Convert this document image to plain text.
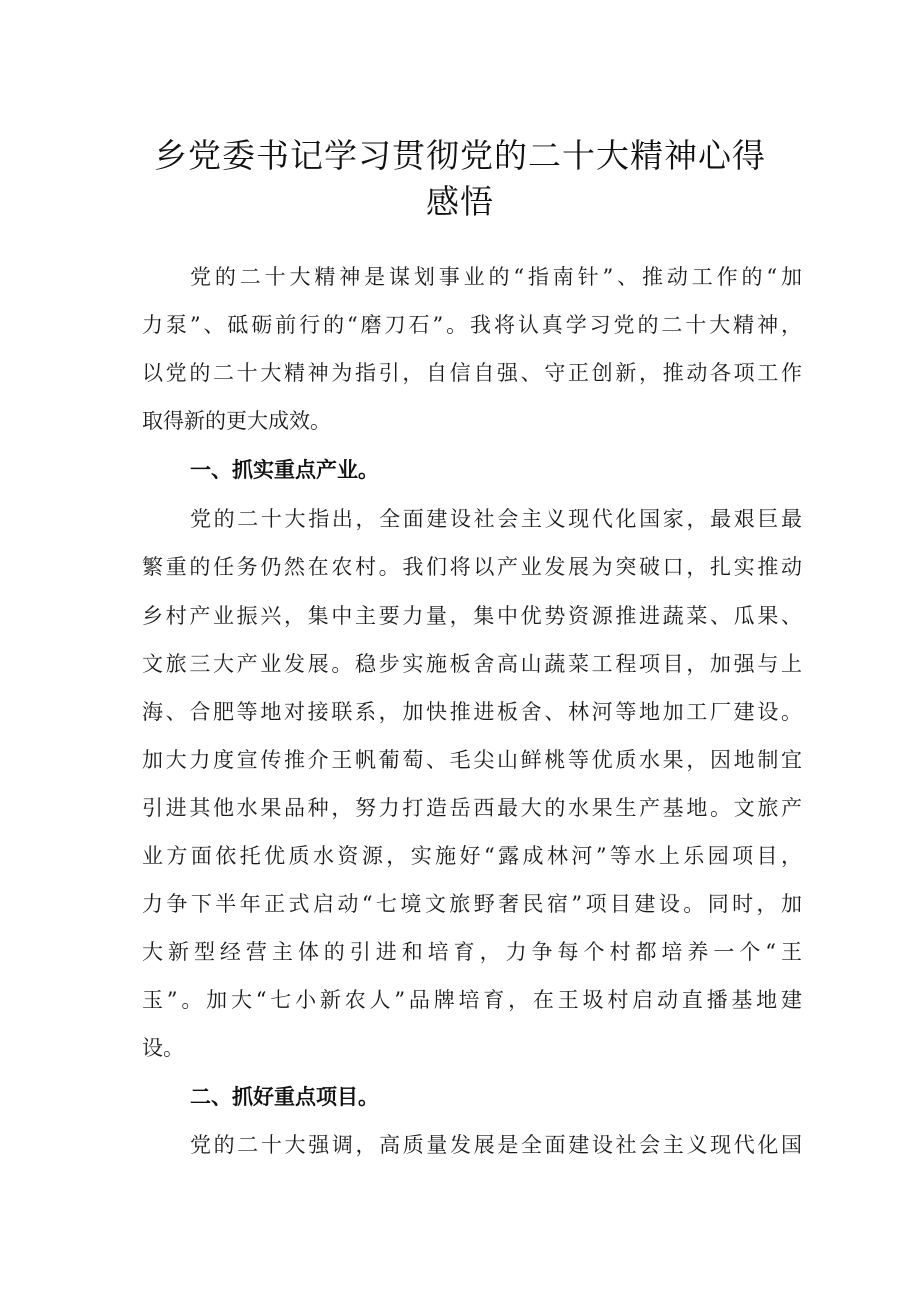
乡党委书记学习贯彻党的二十大精神心得
感悟
党的二十大精神是谋划事业的“指南针”、推动工作的“加
力泵”、砥砺前行的“磨刀石”。我将认真学习党的二十大精神，
以党的二十大精神为指引，自信自强、守正创新，推动各项工作
取得新的更大成效。
一、抓实重点产业。
党的二十大指出，全面建设社会主义现代化国家，最艰巨最
繁重的任务仍然在农村。我们将以产业发展为突破口，扎实推动
乡村产业振兴，集中主要力量，集中优势资源推进蔬菜、瓜果、
文旅三大产业发展。稳步实施板舍高山蔬菜工程项目，加强与上
海、合肥等地对接联系，加快推进板舍、林河等地加工厂建设。
加大力度宣传推介王帆葡萄、毛尖山鲜桃等优质水果，因地制宜
引进其他水果品种，努力打造岳西最大的水果生产基地。文旅产
业方面依托优质水资源，实施好“露成林河”等水上乐园项目，
力争下半年正式启动“七境文旅野奢民宿”项目建设。同时，加
大新型经营主体的引进和培育，力争每个村都培养一个“王
玉”。加大“七小新农人”品牌培育，在王圾村启动直播基地建
设。
二、抓好重点项目。
党的二十大强调，高质量发展是全面建设社会主义现代化国
